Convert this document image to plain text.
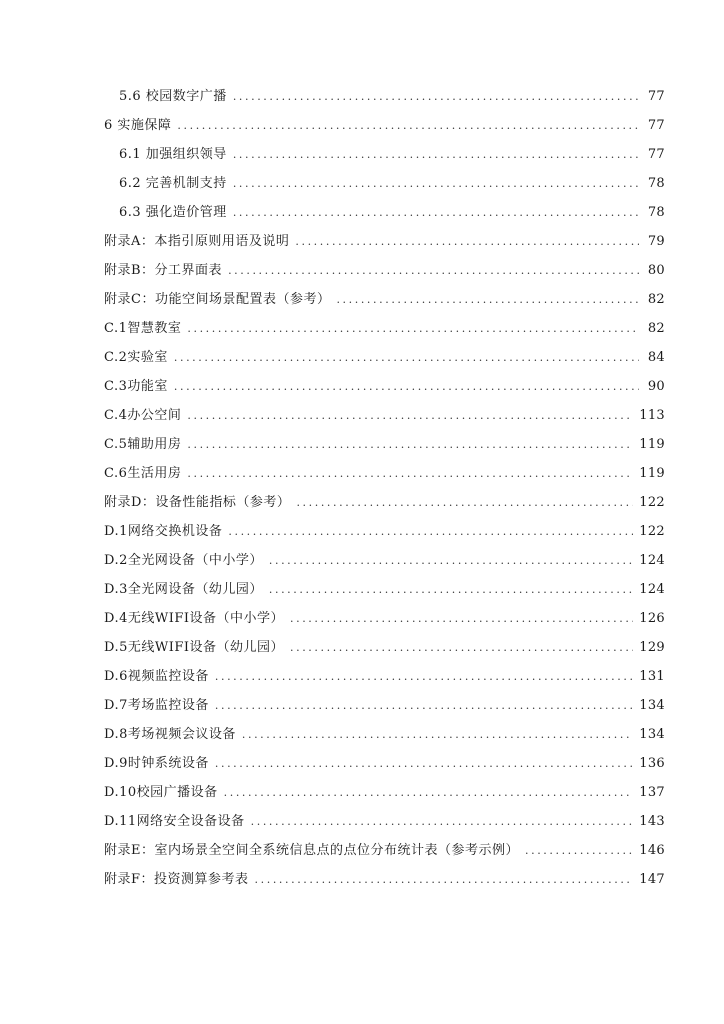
5.6 校园数字广播 .....	77
6 实施保障 .....	77
6.1 加强组织领导 .....	77
6.2 完善机制支持 .....	78
6.3 强化造价管理 .....	78
附录A：本指引原则用语及说明 .....	79
附录B：分工界面表 .....	80
附录C：功能空间场景配置表（参考） .....	82
C.1智慧教室 .....	82
C.2实验室 .....	84
C.3功能室 .....	90
C.4办公空间 .....	113
C.5辅助用房 .....	119
C.6生活用房 .....	119
附录D：设备性能指标（参考） .....	122
D.1网络交换机设备 .....	122
D.2全光网设备（中小学） .....	124
D.3全光网设备（幼儿园） .....	124
D.4无线WIFI设备（中小学） .....	126
D.5无线WIFI设备（幼儿园） .....	129
D.6视频监控设备 .....	131
D.7考场监控设备 .....	134
D.8考场视频会议设备 .....	134
D.9时钟系统设备 .....	136
D.10校园广播设备 .....	137
D.11网络安全设备设备 .....	143
附录E：室内场景全空间全系统信息点的点位分布统计表（参考示例） .....	146
附录F：投资测算参考表 .....	147
